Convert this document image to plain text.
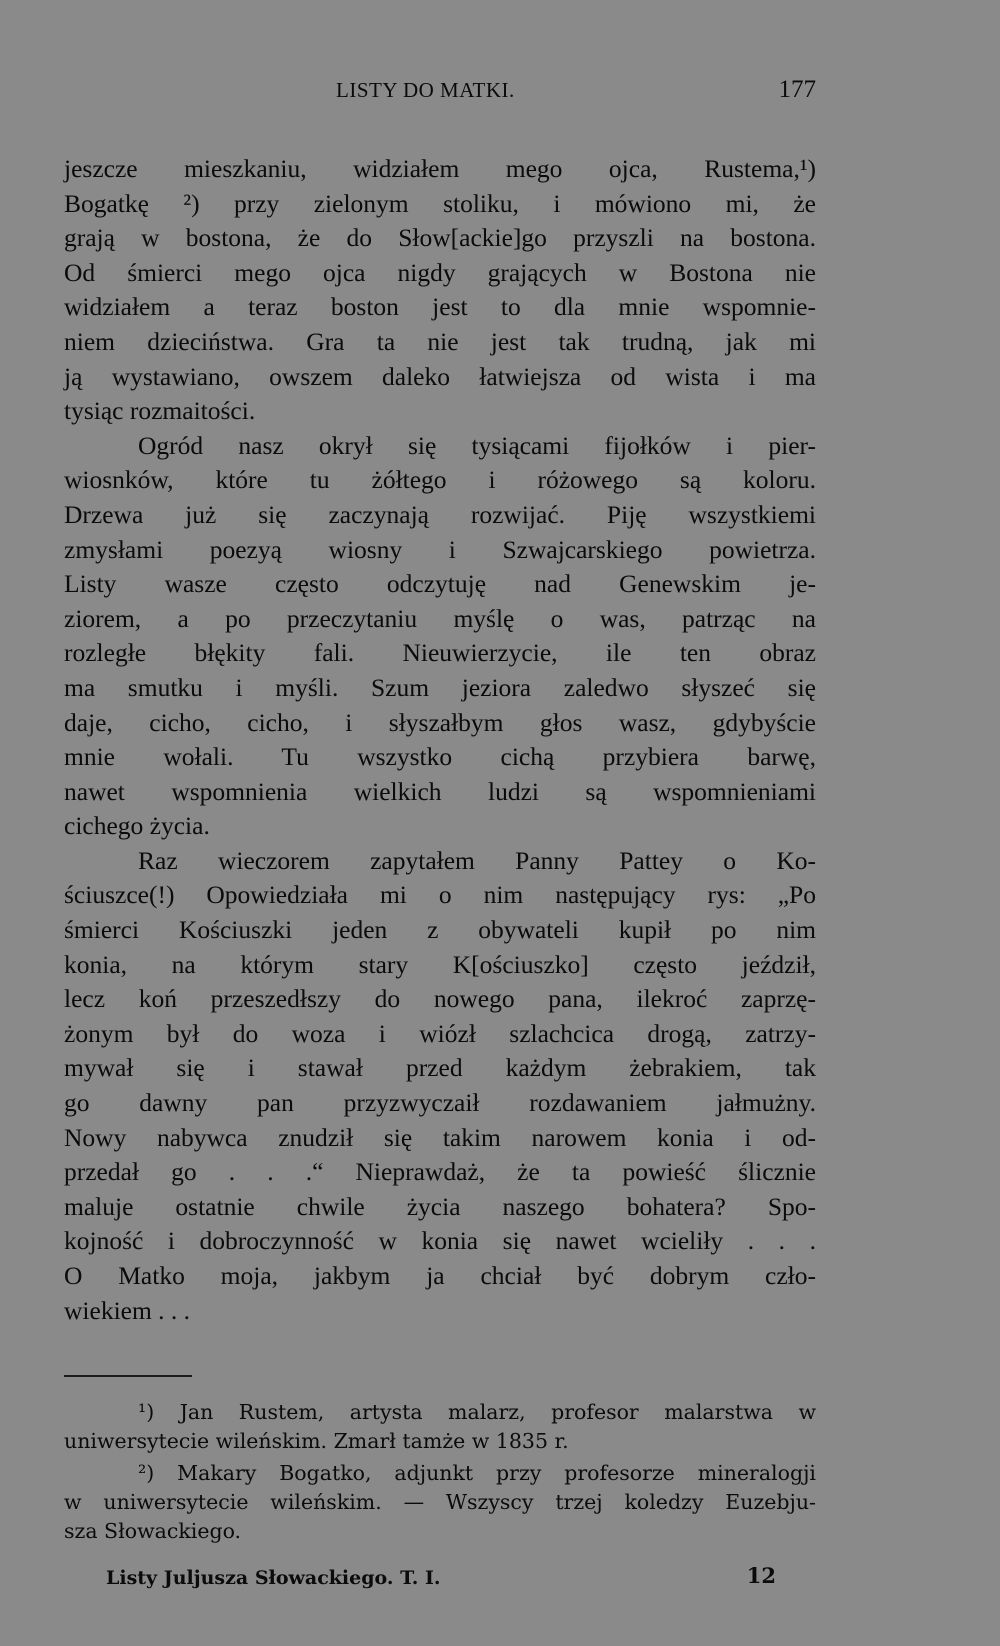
LISTY DO MATKI.	177
jeszcze mieszkaniu, widziałem mego ojca, Rustema,¹)
Bogatkę ²) przy zielonym stoliku, i mówiono mi, że
grają w bostona, że do Słow[ackie]go przyszli na bostona.
Od śmierci mego ojca nigdy grających w Bostona nie
widziałem a teraz boston jest to dla mnie wspomnie-
niem dzieciństwa. Gra ta nie jest tak trudną, jak mi
ją wystawiano, owszem daleko łatwiejsza od wista i ma
tysiąc rozmaitości.
Ogród nasz okrył się tysiącami fijołków i pier-
wiosnków, które tu żółtego i różowego są koloru.
Drzewa już się zaczynają rozwijać. Piję wszystkiemi
zmysłami poezyą wiosny i Szwajcarskiego powietrza.
Listy wasze często odczytuję nad Genewskim je-
ziorem, a po przeczytaniu myślę o was, patrząc na
rozległe błękity fali. Nieuwierzycie, ile ten obraz
ma smutku i myśli. Szum jeziora zaledwo słyszeć się
daje, cicho, cicho, i słyszałbym głos wasz, gdybyście
mnie wołali. Tu wszystko cichą przybiera barwę,
nawet wspomnienia wielkich ludzi są wspomnieniami
cichego życia.
Raz wieczorem zapytałem Panny Pattey o Ko-
ściuszce(!) Opowiedziała mi o nim następujący rys: „Po
śmierci Kościuszki jeden z obywateli kupił po nim
konia, na którym stary K[ościuszko] często jeździł,
lecz koń przeszedłszy do nowego pana, ilekroć zaprzę-
żonym był do woza i wiózł szlachcica drogą, zatrzy-
mywał się i stawał przed każdym żebrakiem, tak
go dawny pan przyzwyczaił rozdawaniem jałmużny.
Nowy nabywca znudził się takim narowem konia i od-
przedał go . . .“ Nieprawdaż, że ta powieść ślicznie
maluje ostatnie chwile życia naszego bohatera? Spo-
kojność i dobroczynność w konia się nawet wcieliły . . .
O Matko moja, jakbym ja chciał być dobrym czło-
wiekiem . . .
¹) Jan Rustem, artysta malarz, profesor malarstwa w
uniwersytecie wileńskim. Zmarł tamże w 1835 r.
²) Makary Bogatko, adjunkt przy profesorze mineralogji
w uniwersytecie wileńskim. — Wszyscy trzej koledzy Euzebju-
sza Słowackiego.
Listy Juljusza Słowackiego. T. I.	12
